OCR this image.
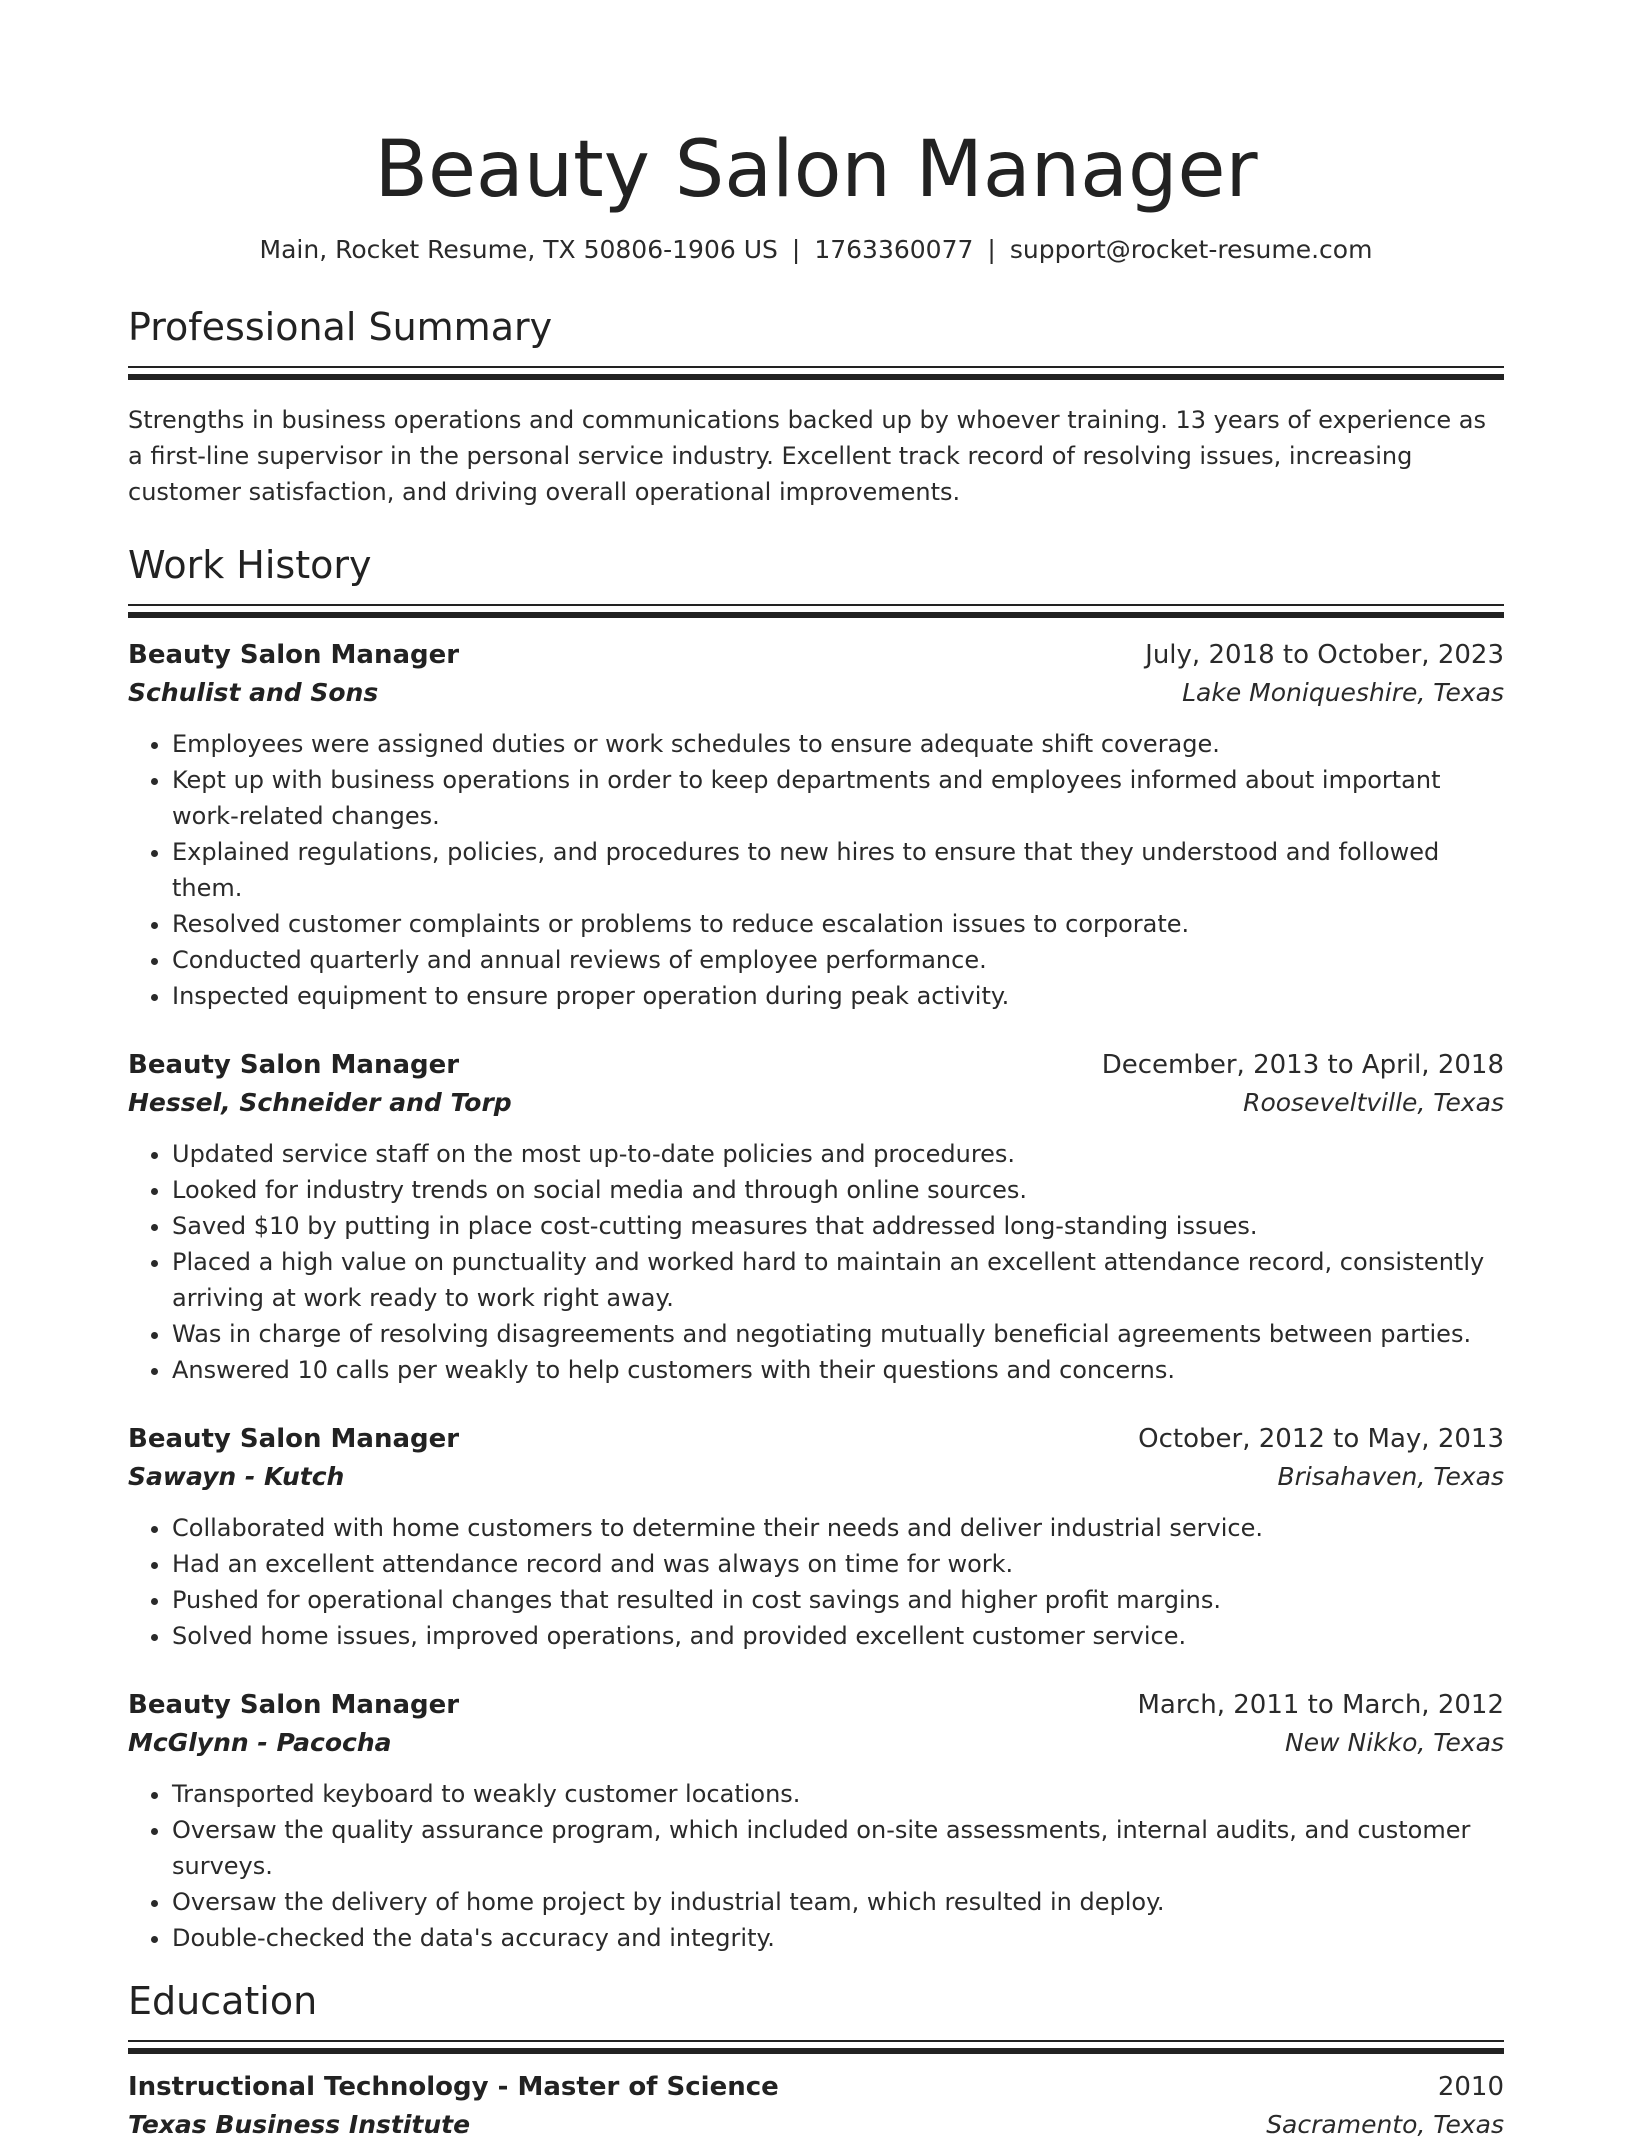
Beauty Salon Manager
Main, Rocket Resume, TX 50806-1906 US | 1763360077 | support@rocket-resume.com
Professional Summary
Strengths in business operations and communications backed up by whoever training. 13 years of experience as a first-line supervisor in the personal service industry. Excellent track record of resolving issues, increasing customer satisfaction, and driving overall operational improvements.
Work History
Beauty Salon Manager	July, 2018 to October, 2023
Schulist and Sons	Lake Moniqueshire, Texas
• Employees were assigned duties or work schedules to ensure adequate shift coverage.
• Kept up with business operations in order to keep departments and employees informed about important work-related changes.
• Explained regulations, policies, and procedures to new hires to ensure that they understood and followed them.
• Resolved customer complaints or problems to reduce escalation issues to corporate.
• Conducted quarterly and annual reviews of employee performance.
• Inspected equipment to ensure proper operation during peak activity.
Beauty Salon Manager	December, 2013 to April, 2018
Hessel, Schneider and Torp	Rooseveltville, Texas
• Updated service staff on the most up-to-date policies and procedures.
• Looked for industry trends on social media and through online sources.
• Saved $10 by putting in place cost-cutting measures that addressed long-standing issues.
• Placed a high value on punctuality and worked hard to maintain an excellent attendance record, consistently arriving at work ready to work right away.
• Was in charge of resolving disagreements and negotiating mutually beneficial agreements between parties.
• Answered 10 calls per weakly to help customers with their questions and concerns.
Beauty Salon Manager	October, 2012 to May, 2013
Sawayn - Kutch	Brisahaven, Texas
• Collaborated with home customers to determine their needs and deliver industrial service.
• Had an excellent attendance record and was always on time for work.
• Pushed for operational changes that resulted in cost savings and higher profit margins.
• Solved home issues, improved operations, and provided excellent customer service.
Beauty Salon Manager	March, 2011 to March, 2012
McGlynn - Pacocha	New Nikko, Texas
• Transported keyboard to weakly customer locations.
• Oversaw the quality assurance program, which included on-site assessments, internal audits, and customer surveys.
• Oversaw the delivery of home project by industrial team, which resulted in deploy.
• Double-checked the data's accuracy and integrity.
Education
Instructional Technology - Master of Science	2010
Texas Business Institute	Sacramento, Texas
